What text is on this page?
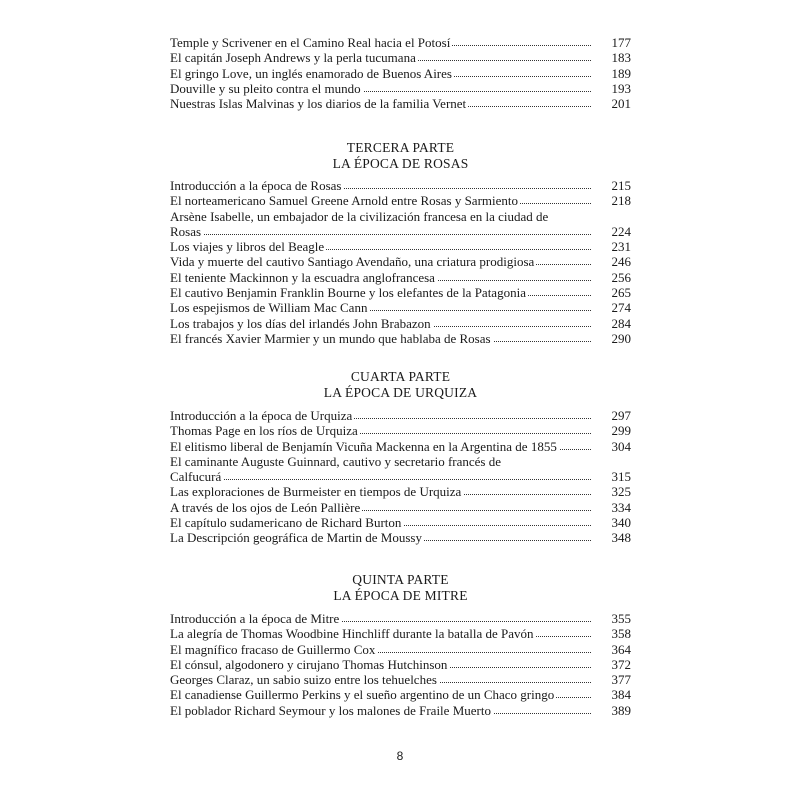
Temple y Scrivener en el Camino Real hacia el Potosí	177
El capitán Joseph Andrews y la perla tucumana	183
El gringo Love, un inglés enamorado de Buenos Aires	189
Douville y su pleito contra el mundo	193
Nuestras Islas Malvinas y los diarios de la familia Vernet	201
TERCERA PARTE
LA ÉPOCA DE ROSAS
Introducción a la época de Rosas	215
El norteamericano Samuel Greene Arnold entre Rosas y Sarmiento	218
Arsène Isabelle, un embajador de la civilización francesa en la ciudad de
Rosas	224
Los viajes y libros del Beagle	231
Vida y muerte del cautivo Santiago Avendaño, una criatura prodigiosa	246
El teniente Mackinnon y la escuadra anglofrancesa	256
El cautivo Benjamin Franklin Bourne y los elefantes de la Patagonia	265
Los espejismos de William Mac Cann	274
Los trabajos y los días del irlandés John Brabazon	284
El francés Xavier Marmier y un mundo que hablaba de Rosas	290
CUARTA PARTE
LA ÉPOCA DE URQUIZA
Introducción a la época de Urquiza	297
Thomas Page en los ríos de Urquiza	299
El elitismo liberal de Benjamín Vicuña Mackenna en la Argentina de 1855	304
El caminante Auguste Guinnard, cautivo y secretario francés de
Calfucurá	315
Las exploraciones de Burmeister en tiempos de Urquiza	325
A través de los ojos de León Pallière	334
El capítulo sudamericano de Richard Burton	340
La Descripción geográfica de Martin de Moussy	348
QUINTA PARTE
LA ÉPOCA DE MITRE
Introducción a la época de Mitre	355
La alegría de Thomas Woodbine Hinchliff durante la batalla de Pavón	358
El magnífico fracaso de Guillermo Cox	364
El cónsul, algodonero y cirujano Thomas Hutchinson	372
Georges Claraz, un sabio suizo entre los tehuelches	377
El canadiense Guillermo Perkins y el sueño argentino de un Chaco gringo	384
El poblador Richard Seymour y los malones de Fraile Muerto	389
8
